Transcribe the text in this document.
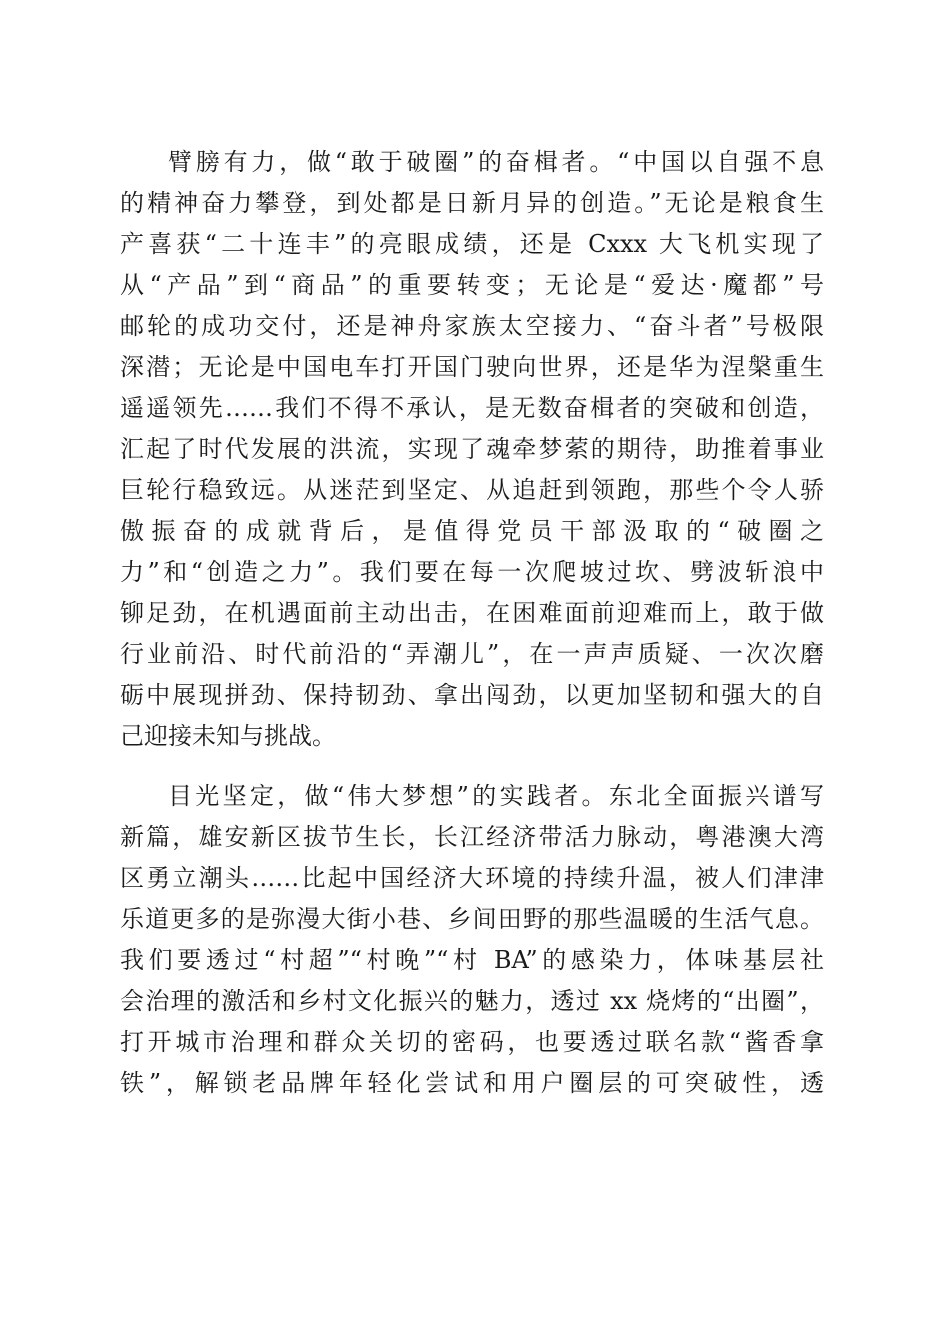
臂膀有力，做“敢于破圈”的奋楫者。“中国以自强不息
的精神奋力攀登，到处都是日新月异的创造。”无论是粮食生
产喜获“二十连丰”的亮眼成绩，还是 Cxxx 大飞机实现了
从“产品”到“商品”的重要转变；无论是“爱达·魔都”号
邮轮的成功交付，还是神舟家族太空接力、“奋斗者”号极限
深潜；无论是中国电车打开国门驶向世界，还是华为涅槃重生
遥遥领先……我们不得不承认，是无数奋楫者的突破和创造，
汇起了时代发展的洪流，实现了魂牵梦萦的期待，助推着事业
巨轮行稳致远。从迷茫到坚定、从追赶到领跑，那些个令人骄
傲振奋的成就背后，是值得党员干部汲取的“破圈之
力”和“创造之力”。我们要在每一次爬坡过坎、劈波斩浪中
铆足劲，在机遇面前主动出击，在困难面前迎难而上，敢于做
行业前沿、时代前沿的“弄潮儿”，在一声声质疑、一次次磨
砺中展现拼劲、保持韧劲、拿出闯劲，以更加坚韧和强大的自
己迎接未知与挑战。
目光坚定，做“伟大梦想”的实践者。东北全面振兴谱写
新篇，雄安新区拔节生长，长江经济带活力脉动，粤港澳大湾
区勇立潮头……比起中国经济大环境的持续升温，被人们津津
乐道更多的是弥漫大街小巷、乡间田野的那些温暖的生活气息。
我们要透过“村超”“村晚”“村 BA”的感染力，体味基层社
会治理的激活和乡村文化振兴的魅力，透过 xx 烧烤的“出圈”，
打开城市治理和群众关切的密码，也要透过联名款“酱香拿
铁”，解锁老品牌年轻化尝试和用户圈层的可突破性，透
